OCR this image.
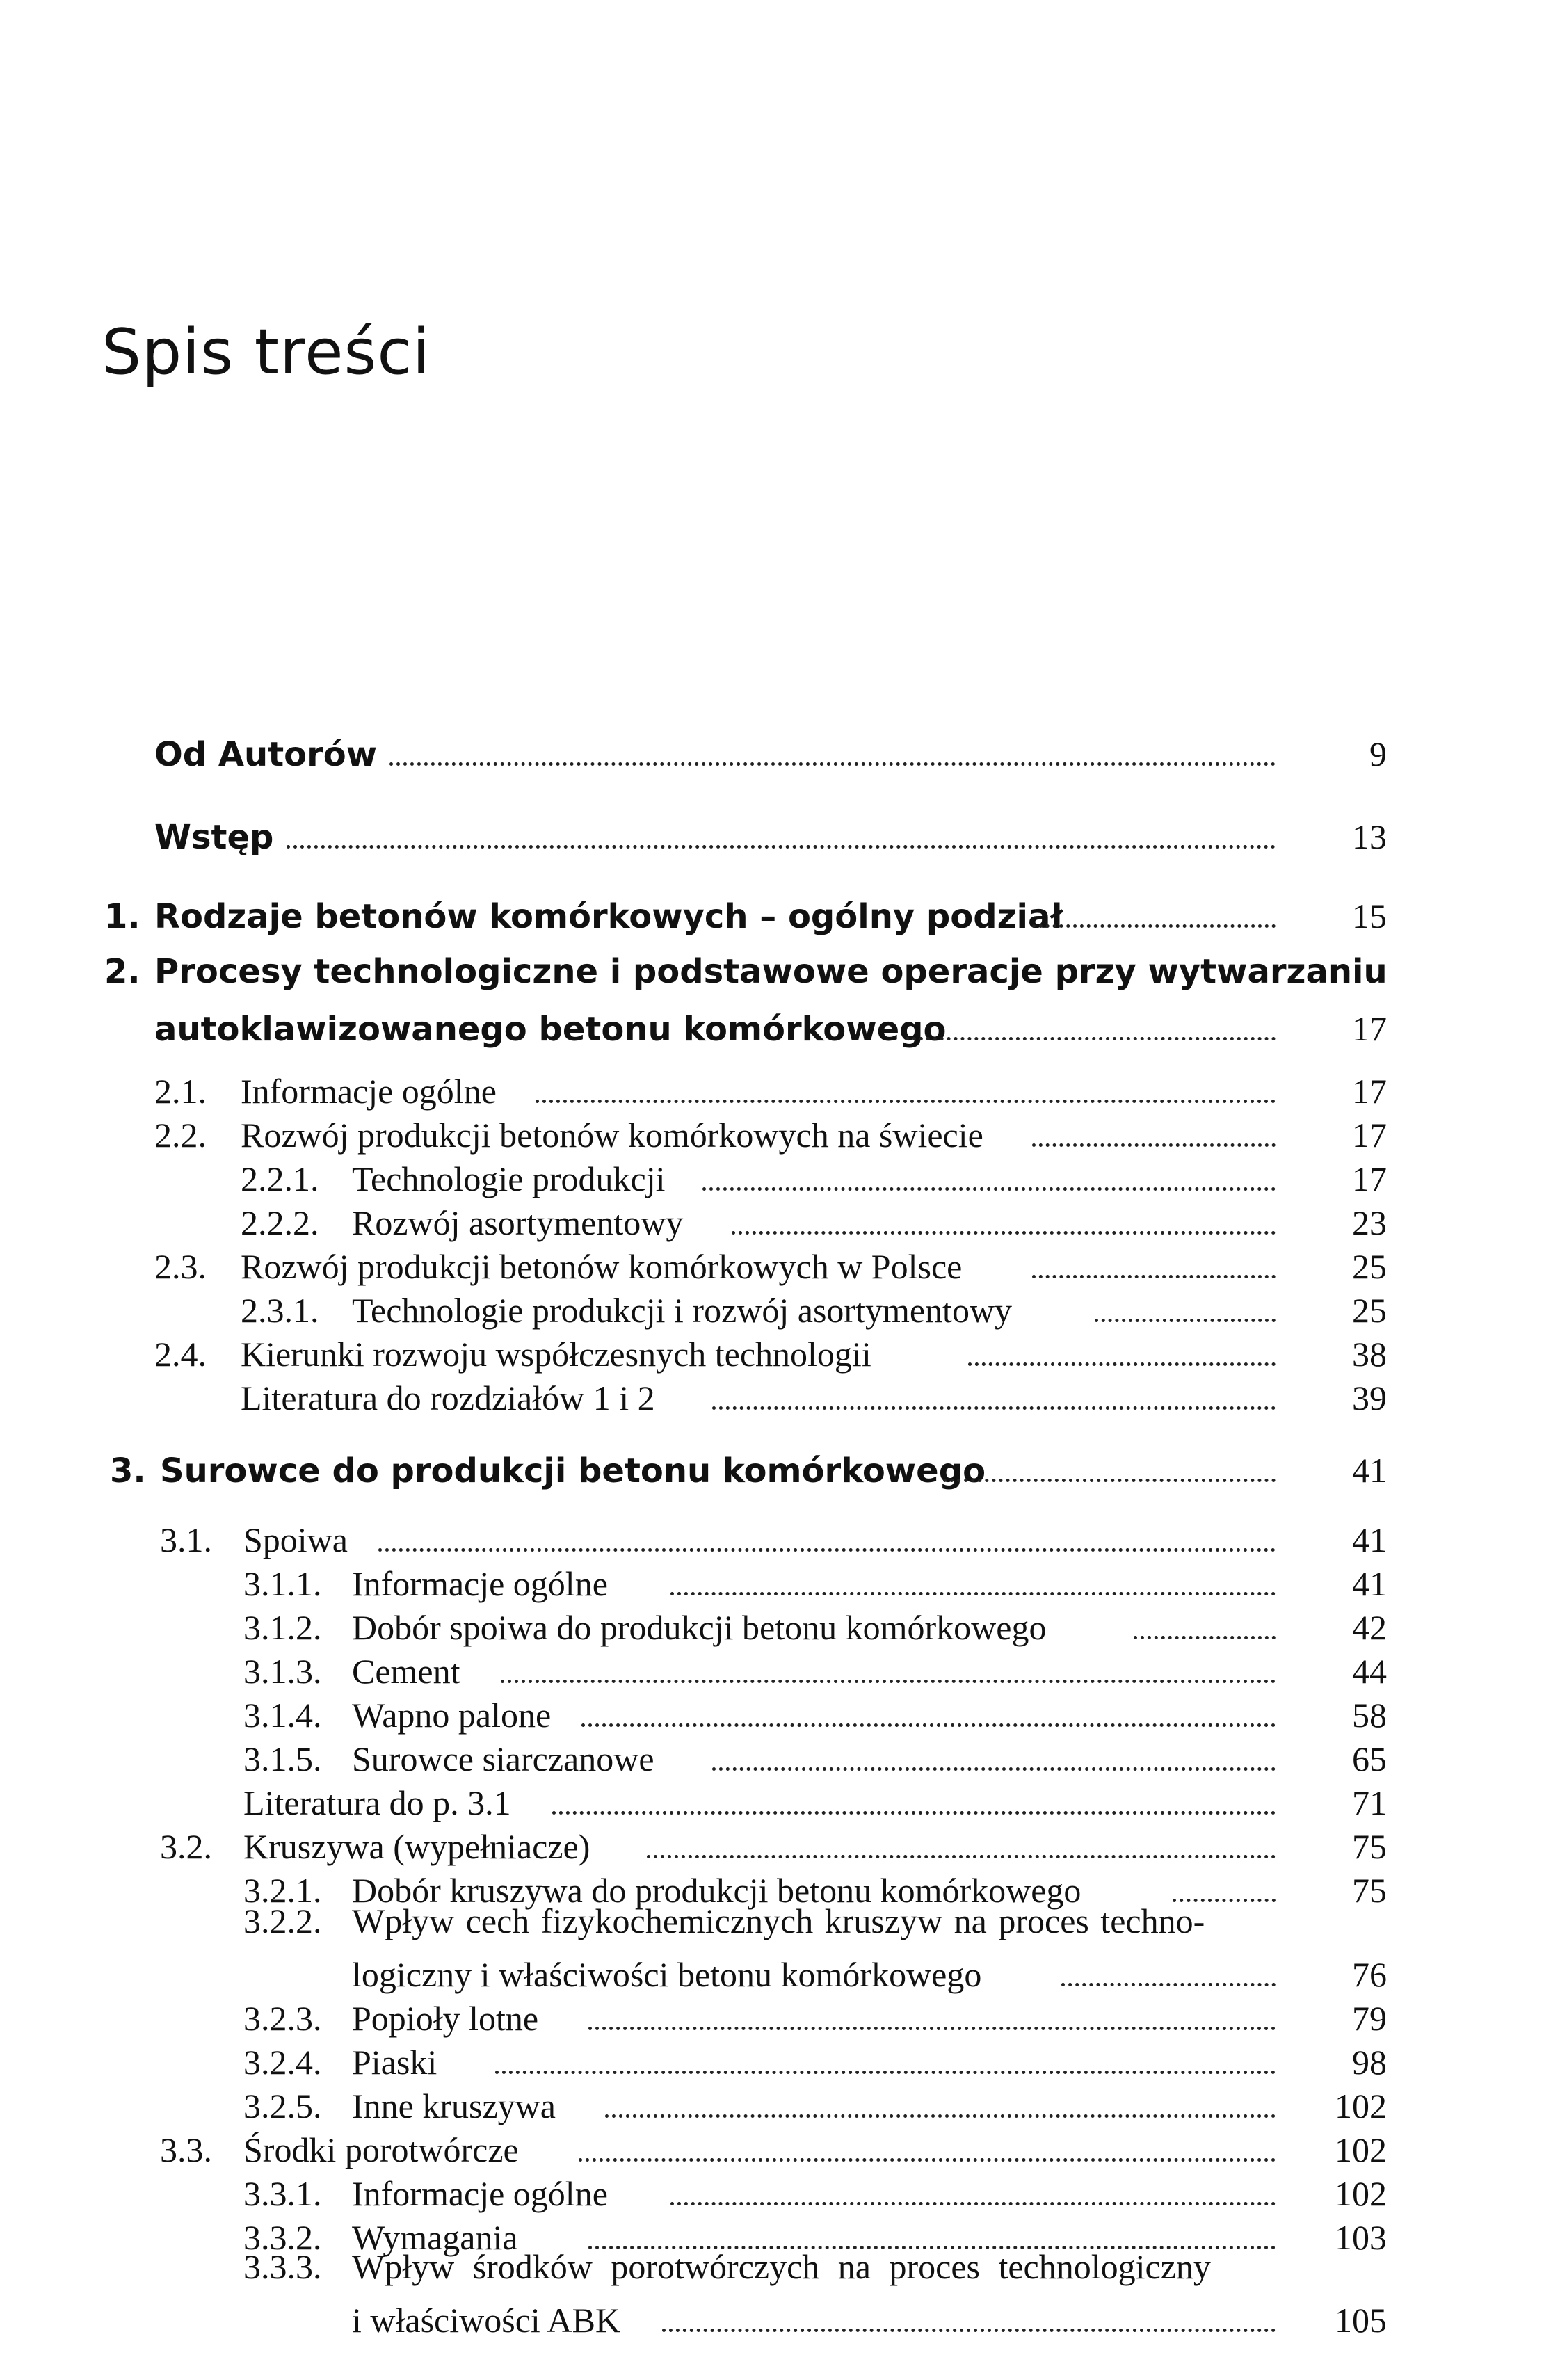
Spis treści
Od Autorów	9
Wstęp	13
1. Rodzaje betonów komórkowych – ogólny podział	15
2. Procesy technologiczne i podstawowe operacje przy wytwarzaniu
autoklawizowanego betonu komórkowego	17
2.1. Informacje ogólne	17
2.2. Rozwój produkcji betonów komórkowych na świecie	17
2.2.1. Technologie produkcji	17
2.2.2. Rozwój asortymentowy	23
2.3. Rozwój produkcji betonów komórkowych w Polsce	25
2.3.1. Technologie produkcji i rozwój asortymentowy	25
2.4. Kierunki rozwoju współczesnych technologii	38
Literatura do rozdziałów 1 i 2	39
3. Surowce do produkcji betonu komórkowego	41
3.1. Spoiwa	41
3.1.1. Informacje ogólne	41
3.1.2. Dobór spoiwa do produkcji betonu komórkowego	42
3.1.3. Cement	44
3.1.4. Wapno palone	58
3.1.5. Surowce siarczanowe	65
Literatura do p. 3.1	71
3.2. Kruszywa (wypełniacze)	75
3.2.1. Dobór kruszywa do produkcji betonu komórkowego	75
3.2.2. Wpływ cech fizykochemicznych kruszyw na proces techno-
logiczny i właściwości betonu komórkowego	76
3.2.3. Popioły lotne	79
3.2.4. Piaski	98
3.2.5. Inne kruszywa	102
3.3. Środki porotwórcze	102
3.3.1. Informacje ogólne	102
3.3.2. Wymagania	103
3.3.3. Wpływ środków porotwórczych na proces technologiczny
i właściwości ABK	105
